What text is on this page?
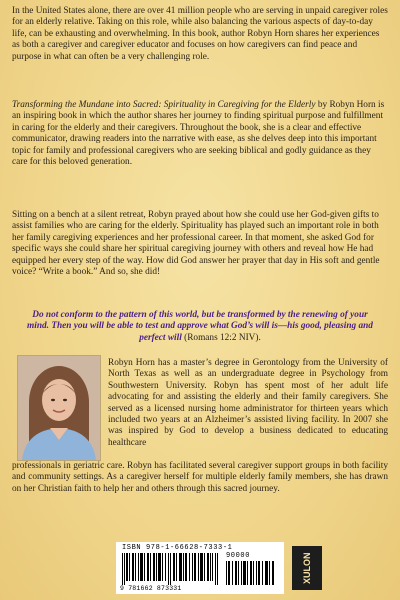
In the United States alone, there are over 41 million people who are serving in unpaid caregiver roles for an elderly relative. Taking on this role, while also balancing the various aspects of day-to-day life, can be exhausting and overwhelming. In this book, author Robyn Horn shares her experiences as both a caregiver and caregiver educator and focuses on how caregivers can find peace and purpose in what can often be a very challenging role.

Transforming the Mundane into Sacred: Spirituality in Caregiving for the Elderly by Robyn Horn is an inspiring book in which the author shares her journey to finding spiritual purpose and fulfillment in caring for the elderly and their caregivers. Throughout the book, she is a clear and effective communicator, drawing readers into the narrative with ease, as she delves deep into this important topic for family and professional caregivers who are seeking biblical and godly guidance as they care for this beloved generation.

Sitting on a bench at a silent retreat, Robyn prayed about how she could use her God-given gifts to assist families who are caring for the elderly. Spirituality has played such an important role in both her family caregiving experiences and her professional career. In that moment, she asked God for specific ways she could share her spiritual caregiving journey with others and reveal how He had equipped her every step of the way. How did God answer her prayer that day in His soft and gentle voice? “Write a book.” And so, she did!

Do not conform to the pattern of this world, but be transformed by the renewing of your mind. Then you will be able to test and approve what God’s will is—his good, pleasing and perfect will (Romans 12:2 NIV).

Robyn Horn has a master’s degree in Gerontology from the University of North Texas as well as an undergraduate degree in Psychology from Southwestern University. Robyn has spent most of her adult life advocating for and assisting the elderly and their family caregivers. She served as a licensed nursing home administrator for thirteen years which included two years at an Alzheimer’s assisted living facility. In 2007 she was inspired by God to develop a business dedicated to educating healthcare

professionals in geriatric care. Robyn has facilitated several caregiver support groups in both facility and community settings. As a caregiver herself for multiple elderly family members, she has drawn on her Christian faith to help her and others through this sacred journey.

ISBN 978-1-66628-7333-1
90000
9 781662 873331
XULON
